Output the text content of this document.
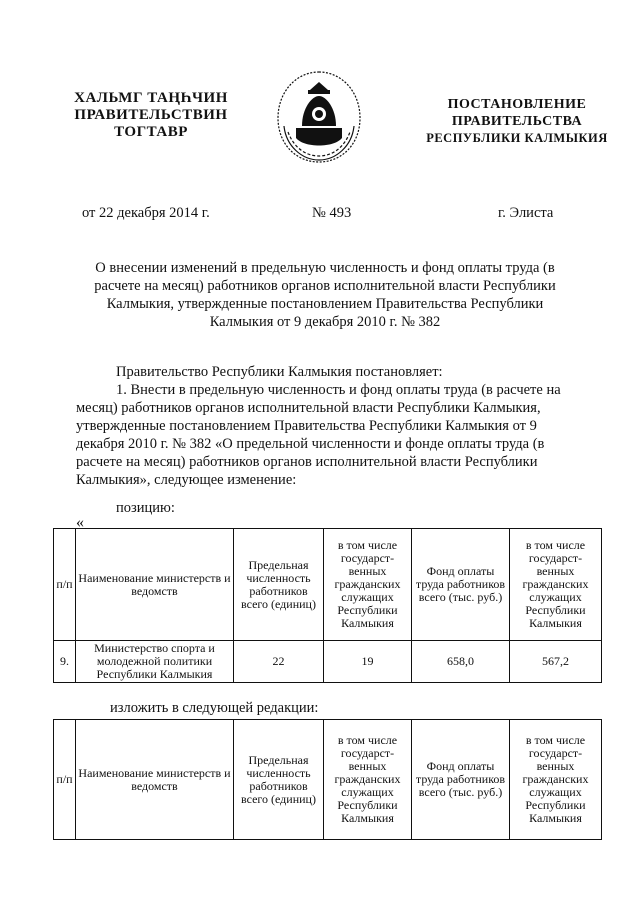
ХАЛЬМГ ТАҢҺЧИН
ПРАВИТЕЛЬСТВИН
ТОГТАВР
ПОСТАНОВЛЕНИЕ
ПРАВИТЕЛЬСТВА
РЕСПУБЛИКИ КАЛМЫКИЯ
от 22 декабря 2014 г.	№ 493	г. Элиста
О внесении изменений в предельную численность и фонд оплаты труда (в расчете на месяц) работников органов исполнительной власти Республики Калмыкия, утвержденные постановлением Правительства Республики Калмыкия от 9 декабря 2010 г. № 382

Правительство Республики Калмыкия постановляет:

1. Внести в предельную численность и фонд оплаты труда (в расчете на месяц) работников органов исполнительной власти Республики Калмыкия, утвержденные постановлением Правительства Республики Калмыкия от 9 декабря 2010 г. № 382 «О предельной численности и фонде оплаты труда (в расчете на месяц) работников органов исполнительной власти Республики Калмыкия», следующее изменение:

позицию:
«
п/п	Наименование министерств и ведомств	Предельная численность работников всего (единиц)	в том числе государст-венных гражданских служащих Республики Калмыкия	Фонд оплаты труда работников всего (тыс. руб.)	в том числе государст-венных гражданских служащих Республики Калмыкия
9.	Министерство спорта и молодежной политики Республики Калмыкия	22	19	658,0	567,2
изложить в следующей редакции:
п/п	Наименование министерств и ведомств	Предельная численность работников всего (единиц)	в том числе государст-венных гражданских служащих Республики Калмыкия	Фонд оплаты труда работников всего (тыс. руб.)	в том числе государст-венных гражданских служащих Республики Калмыкия
